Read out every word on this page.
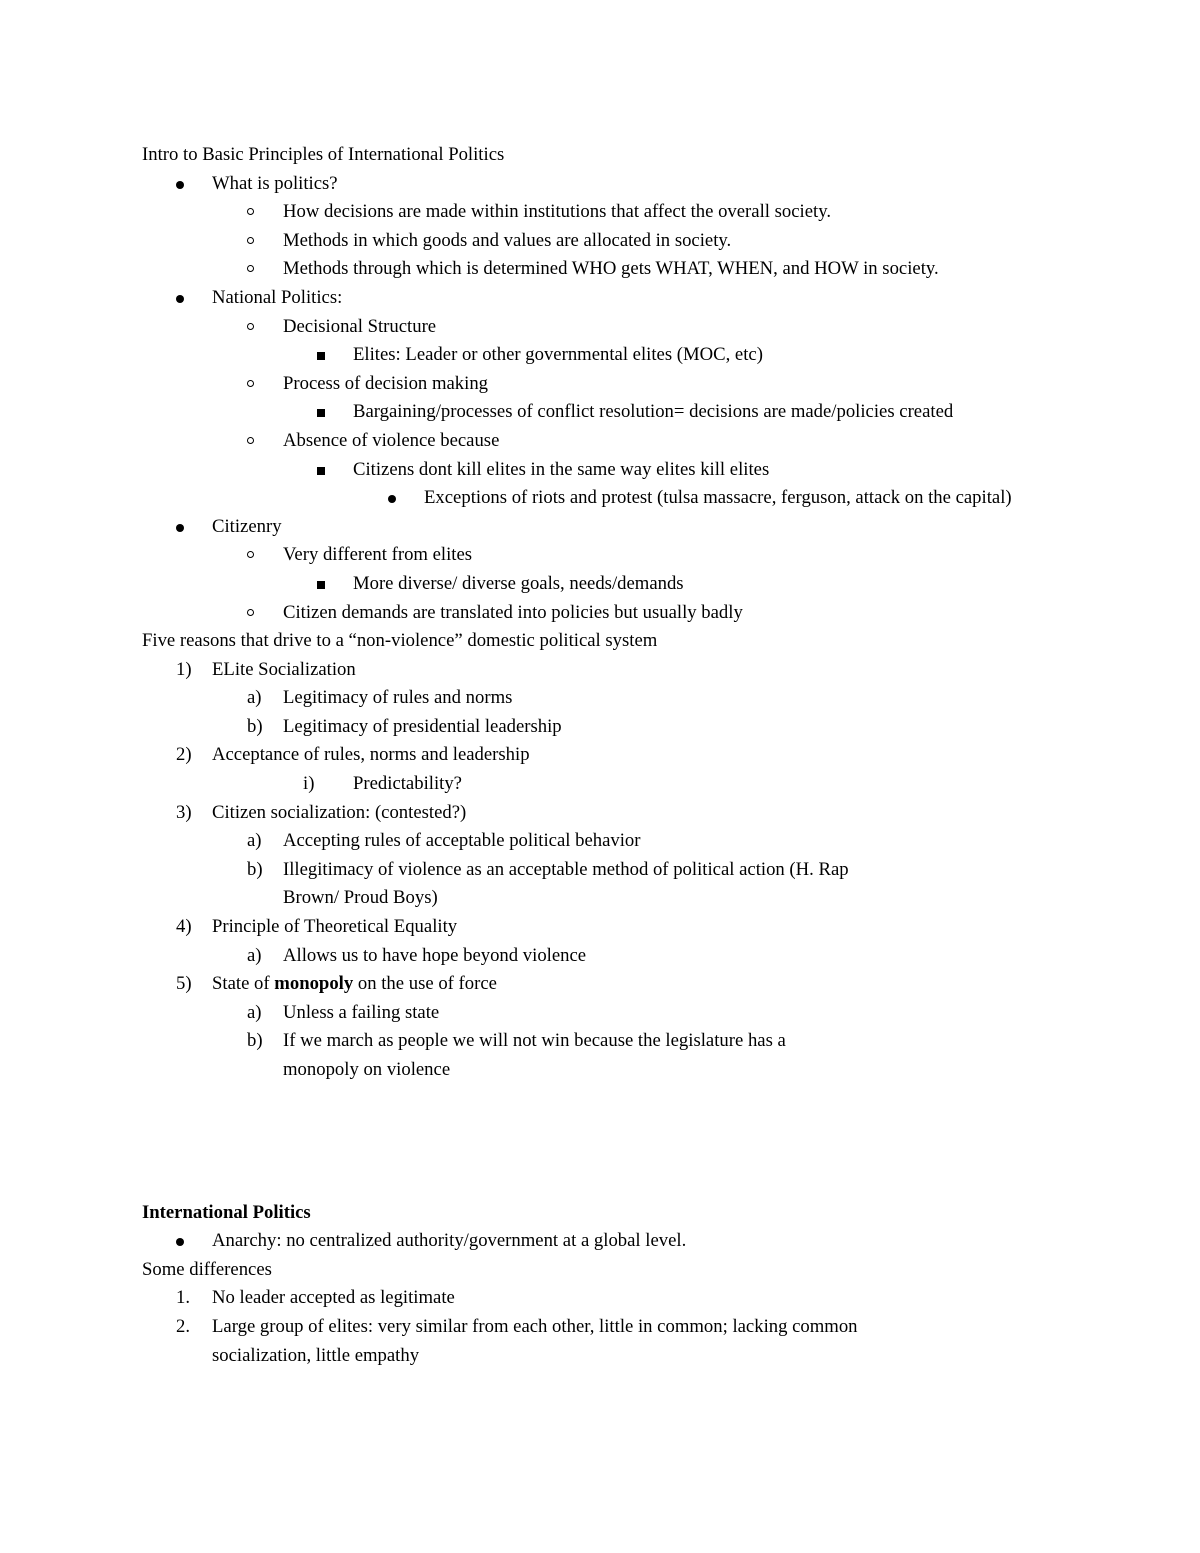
Intro to Basic Principles of International Politics
What is politics?
How decisions are made within institutions that affect the overall society.
Methods in which goods and values are allocated in society.
Methods through which is determined WHO gets WHAT, WHEN, and HOW in society.
National Politics:
Decisional Structure
Elites: Leader or other governmental elites (MOC, etc)
Process of decision making
Bargaining/processes of conflict resolution= decisions are made/policies created
Absence of violence because
Citizens dont kill elites in the same way elites kill elites
Exceptions of riots and protest (tulsa massacre, ferguson, attack on the capital)
Citizenry
Very different from elites
More diverse/ diverse goals, needs/demands
Citizen demands are translated into policies but usually badly
Five reasons that drive to a “non-violence” domestic political system
1)	ELite Socialization
a)	Legitimacy of rules and norms
b)	Legitimacy of presidential leadership
2)	Acceptance of rules, norms and leadership
i)	Predictability?
3)	Citizen socialization: (contested?)
a)	Accepting rules of acceptable political behavior
b)	Illegitimacy of violence as an acceptable method of political action (H. Rap Brown/ Proud Boys)
4)	Principle of Theoretical Equality
a)	Allows us to have hope beyond violence
5)	State of monopoly on the use of force
a)	Unless a failing state
b)	If we march as people we will not win because the legislature has a monopoly on violence
International Politics
Anarchy: no centralized authority/government at a global level.
Some differences
1.	No leader accepted as legitimate
2.	Large group of elites: very similar from each other, little in common; lacking common socialization, little empathy
